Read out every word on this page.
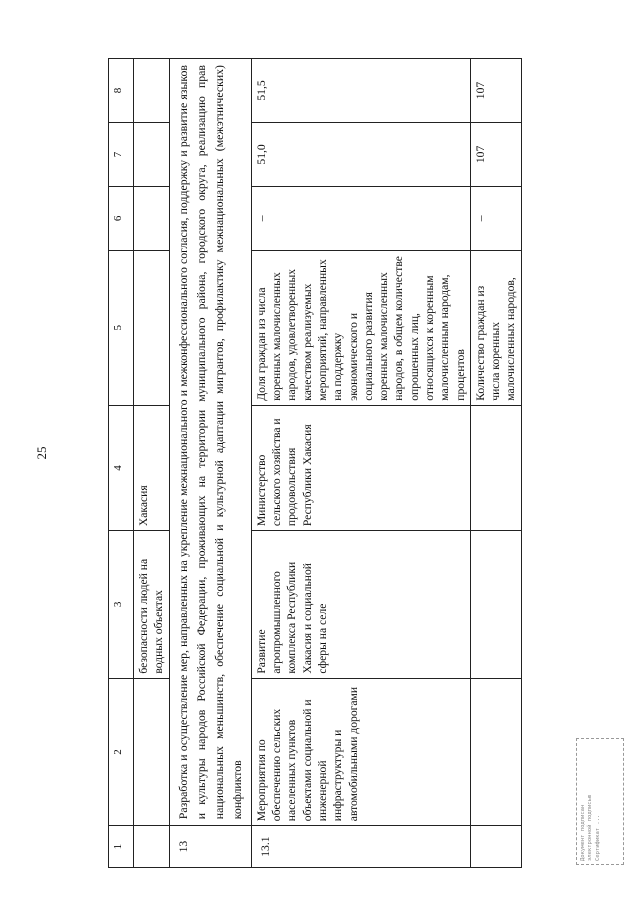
25
1	2	3	4	5	6	7	8
		безопасности людей на водных объектах	Хакасия				
13	Разработка и осуществление мер, направленных на укрепление межнационального и межконфессионального согласия, поддержку и развитие языков и культуры народов Российской Федерации, проживающих на территории муниципального района, городского округа, реализацию прав национальных меньшинств, обеспечение социальной и культурной адаптации мигрантов, профилактику межнациональных (межэтнических) конфликтов						
13.1	Мероприятия по обеспечению сельских населенных пунктов объектами социальной и инженерной инфраструктуры и автомобильными дорогами	Развитие агропромышленного комплекса Республики Хакасия и социальной сферы на селе	Министерство сельского хозяйства и продовольствия Республики Хакасия	Доля граждан из числа коренных малочисленных народов, удовлетворенных качеством реализуемых мероприятий, направленных на поддержку экономического и социального развития коренных малочисленных народов, в общем количестве опрошенных лиц, относящихся к коренным малочисленным народам, процентов	–	51,0	51,5
				Количество граждан из числа коренных малочисленных народов,	–	107	107
Документ подписан электронной подписью Сертификат ...
